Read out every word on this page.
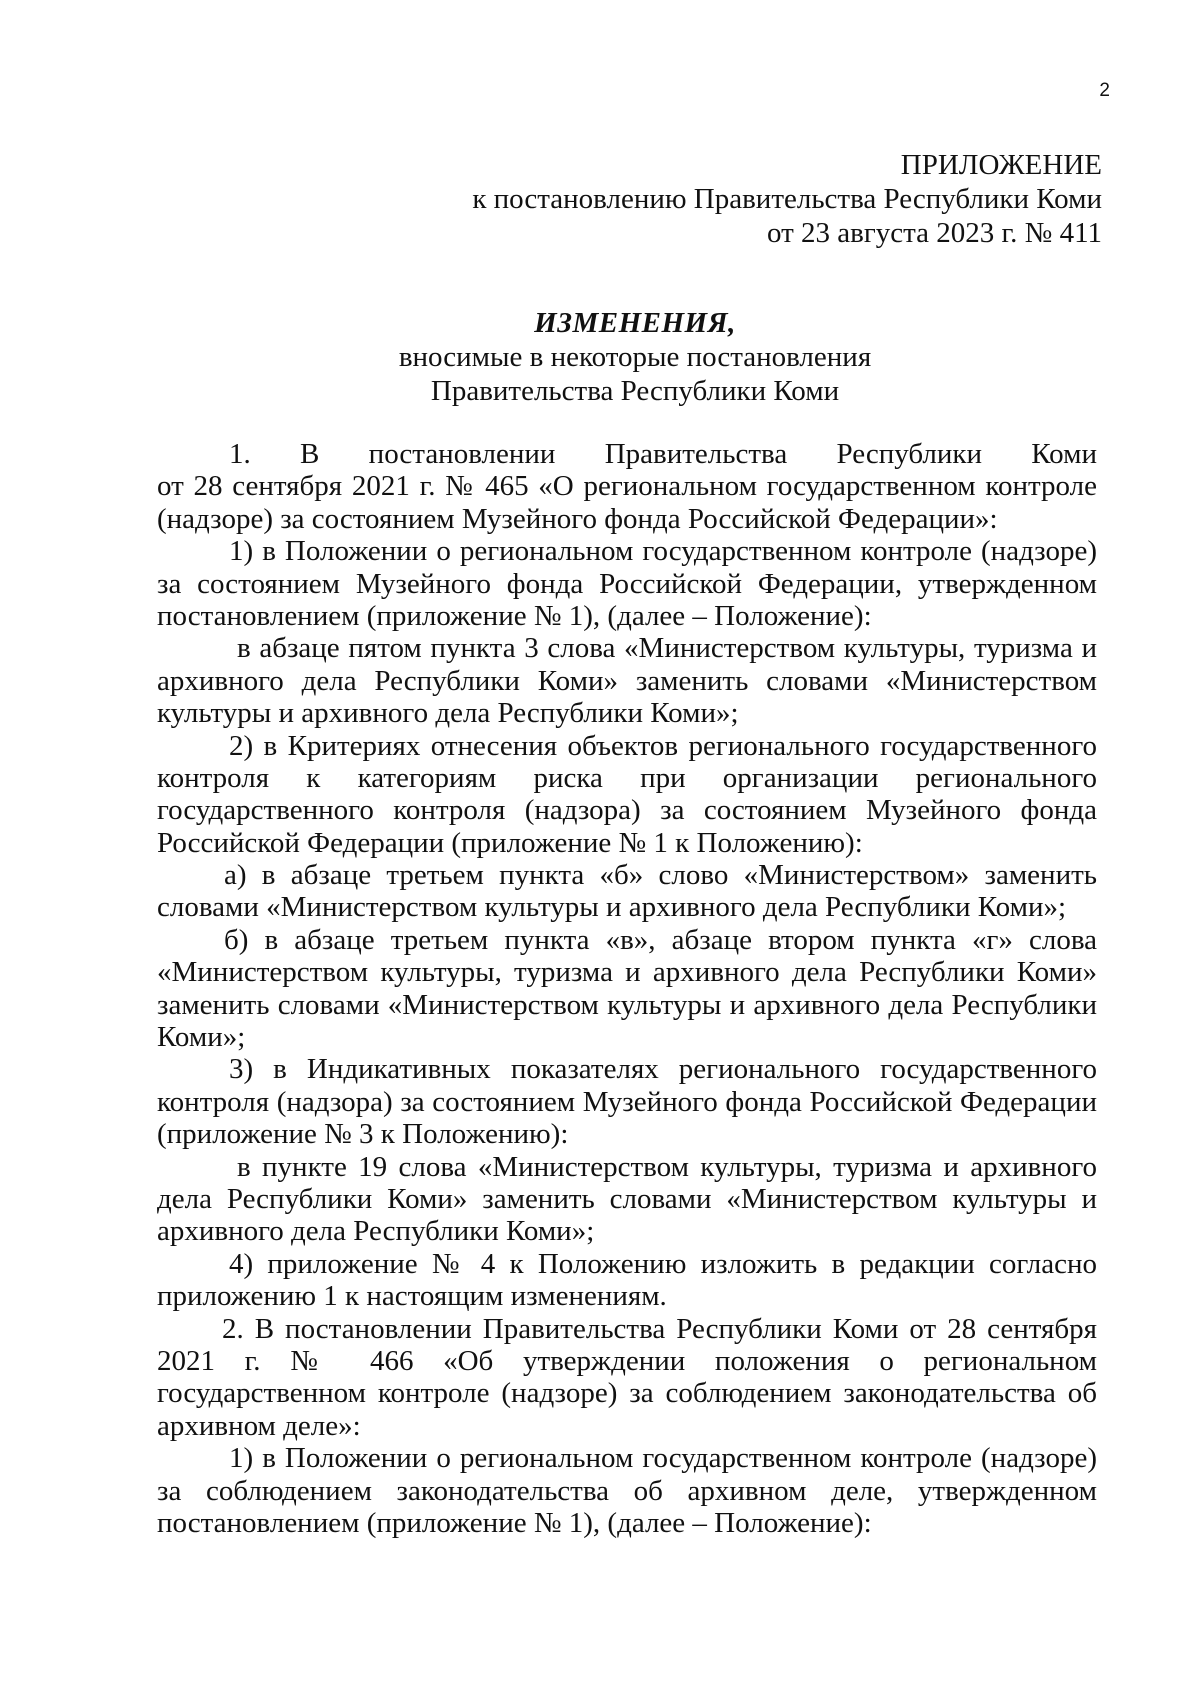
2
ПРИЛОЖЕНИЕ
к постановлению Правительства Республики Коми
от 23 августа 2023 г. № 411
ИЗМЕНЕНИЯ,
вносимые в некоторые постановления
Правительства Республики Коми
1. В постановлении Правительства Республики Коми
от 28 сентября 2021 г. № 465 «О региональном государственном контроле
(надзоре) за состоянием Музейного фонда Российской Федерации»:
1) в Положении о региональном государственном контроле (надзоре)
за состоянием Музейного фонда Российской Федерации, утвержденном
постановлением (приложение № 1), (далее – Положение):
в абзаце пятом пункта 3 слова «Министерством культуры, туризма и
архивного дела Республики Коми» заменить словами «Министерством
культуры и архивного дела Республики Коми»;
2) в Критериях отнесения объектов регионального государственного
контроля к категориям риска при организации регионального
государственного контроля (надзора) за состоянием Музейного фонда
Российской Федерации (приложение № 1 к Положению):
а) в абзаце третьем пункта «б» слово «Министерством» заменить
словами «Министерством культуры и архивного дела Республики Коми»;
б) в абзаце третьем пункта «в», абзаце втором пункта «г» слова
«Министерством культуры, туризма и архивного дела Республики Коми»
заменить словами «Министерством культуры и архивного дела Республики
Коми»;
3) в Индикативных показателях регионального государственного
контроля (надзора) за состоянием Музейного фонда Российской Федерации
(приложение № 3 к Положению):
в пункте 19 слова «Министерством культуры, туризма и архивного
дела Республики Коми» заменить словами «Министерством культуры и
архивного дела Республики Коми»;
4) приложение № 4 к Положению изложить в редакции согласно
приложению 1 к настоящим изменениям.
2. В постановлении Правительства Республики Коми от 28 сентября
2021 г. № 466 «Об утверждении положения о региональном
государственном контроле (надзоре) за соблюдением законодательства об
архивном деле»:
1) в Положении о региональном государственном контроле (надзоре)
за соблюдением законодательства об архивном деле, утвержденном
постановлением (приложение № 1), (далее – Положение):
